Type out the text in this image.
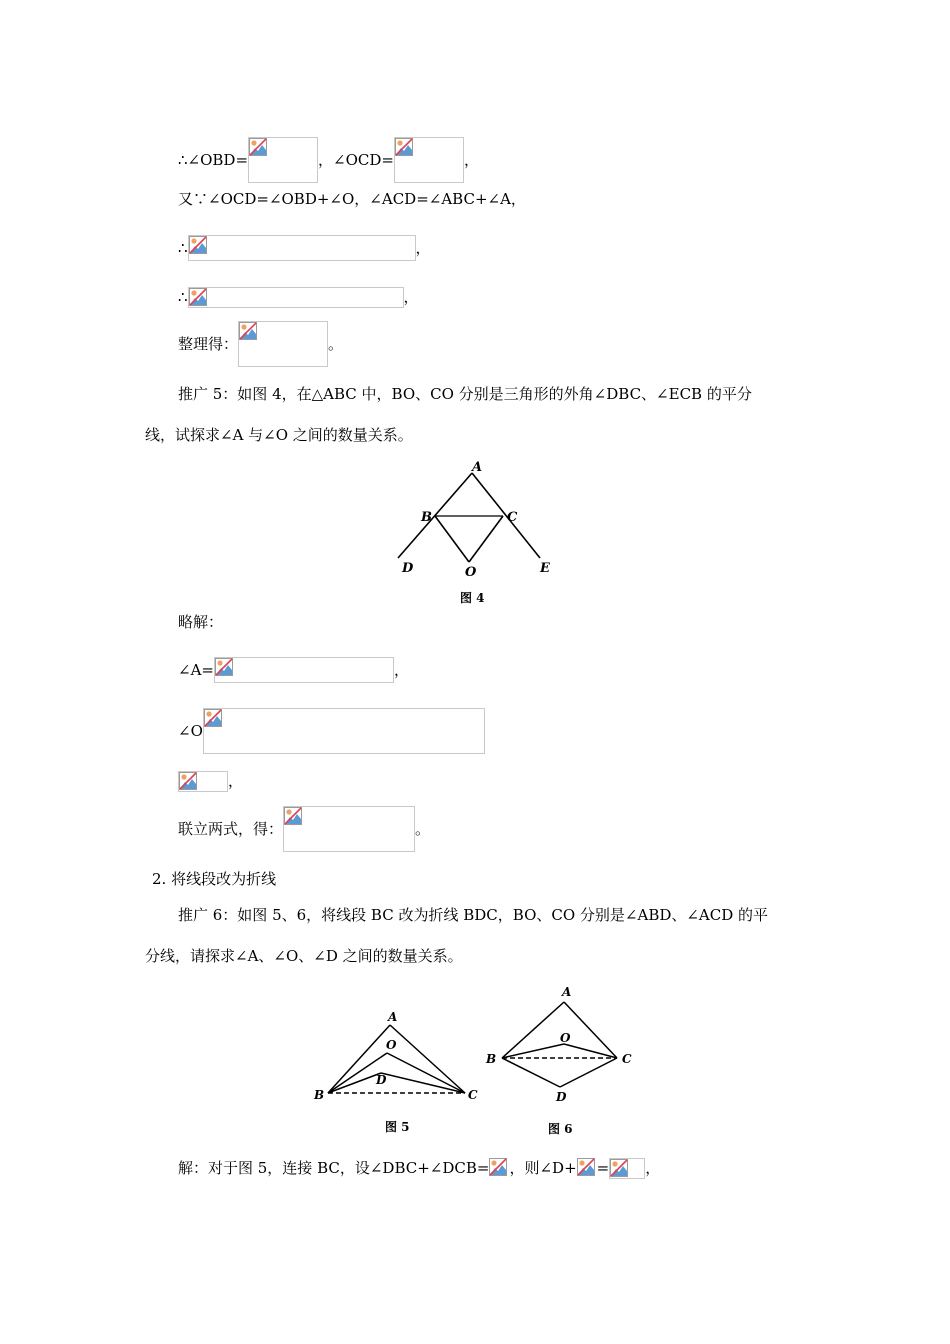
∴∠OBD=	，∠OCD=	，
又∵∠OCD=∠OBD+∠O，∠ACD=∠ABC+∠A，
∴	，
∴	，
整理得：	。
推广 5：如图 4，在△ABC 中，BO、CO 分别是三角形的外角∠DBC、∠ECB 的平分
线，试探求∠A 与∠O 之间的数量关系。
A
B	C
D	O	E
图 4
略解：
∠A=	，
∠O
，
联立两式，得：	。
2. 将线段改为折线
推广 6：如图 5、6，将线段 BC 改为折线 BDC，BO、CO 分别是∠ABD、∠ACD 的平
分线，请探求∠A、∠O、∠D 之间的数量关系。
A
O
D
B	C
图 5
A
O
B	C
D
图 6
解：对于图 5，连接 BC，设∠DBC+∠DCB= ，则∠D+ = ，
